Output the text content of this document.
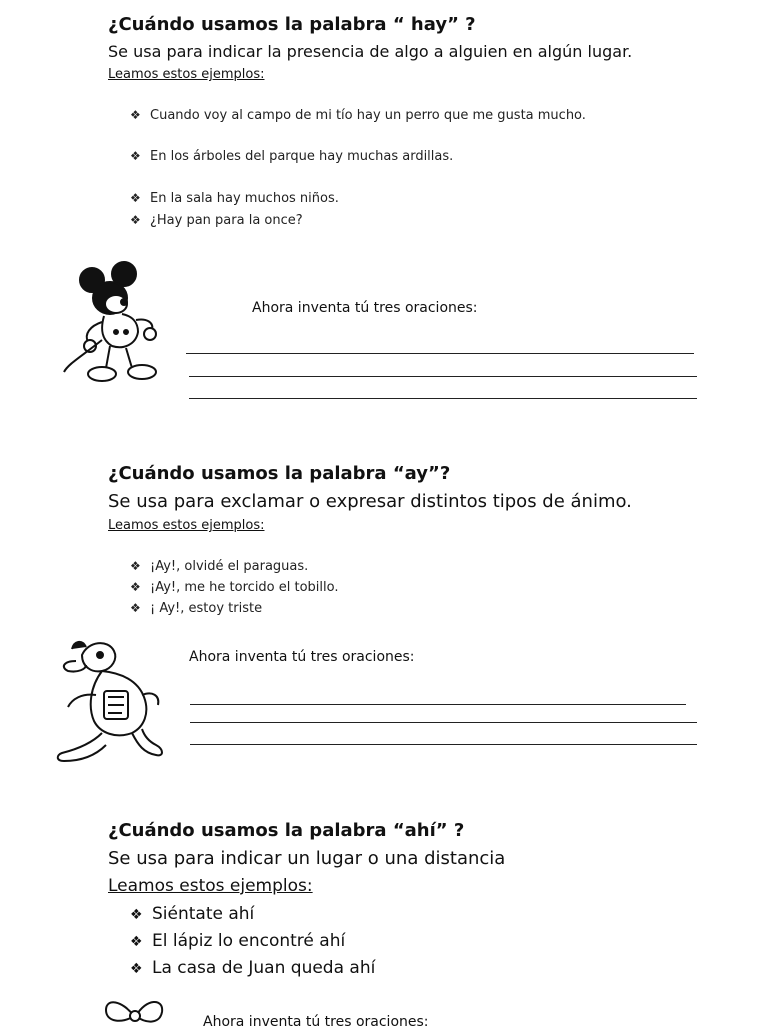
¿Cuándo usamos la palabra “ hay” ?
Se usa para indicar la presencia de algo a alguien en algún lugar.
Leamos estos ejemplos:
❖ Cuando voy al campo de mi tío hay un perro que me gusta mucho.
❖ En los árboles del parque hay muchas ardillas.
❖ En la sala hay muchos niños.
❖ ¿Hay pan para la once?
Ahora inventa tú tres oraciones:
¿Cuándo usamos la palabra “ay”?
Se usa para exclamar o expresar distintos tipos de ánimo.
Leamos estos ejemplos:
❖ ¡Ay!, olvidé el paraguas.
❖ ¡Ay!, me he torcido el tobillo.
❖ ¡ Ay!, estoy triste
Ahora inventa tú tres oraciones:
¿Cuándo usamos la palabra “ahí” ?
Se usa para indicar un lugar o una distancia
Leamos estos ejemplos:
❖ Siéntate ahí
❖ El lápiz lo encontré ahí
❖ La casa de Juan queda ahí
Ahora inventa tú tres oraciones:
